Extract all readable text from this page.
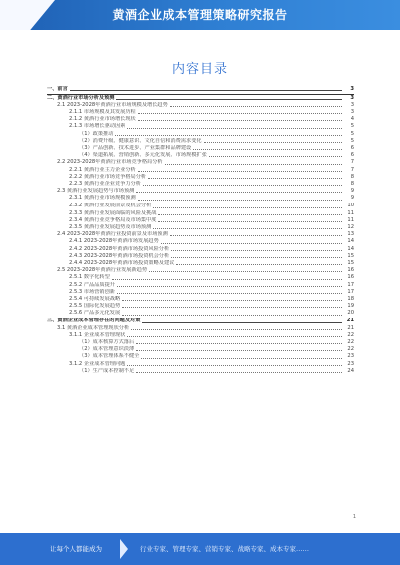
黄酒企业成本管理策略研究报告
内容目录
一、前言	3
二、黄酒行业市场分析及预测	3
2.1 2023-2028年黄酒行业市场规模及增长趋势	3
2.1.1 市场规模及其发展历程	3
2.1.2 黄酒行业市场增长现状	4
2.1.3 市场增长驱动因素	5
（1）政策推动	5
（2）消费升级、健康意识、文化自信和消费需求变化	5
（3）产品创新、技术进步、产业集群和品牌建设	6
（4）渠道拓展、营销创新、多元化发展、市场规模扩张	6
2.2 2023-2028年黄酒行业市场竞争格局分析	7
2.2.1 黄酒行业主力企业分析	7
2.2.2 黄酒行业市场竞争格局分析	8
2.2.3 黄酒行业企业竞争力分析	8
2.3 黄酒行业发展趋势与市场预测	9
2.3.1 黄酒行业市场规模预测	9
2.3.2 黄酒行业发展前景及机会分析	10
2.3.3 黄酒行业发展面临的风险及挑战	11
2.3.4 黄酒行业竞争格局及市场集中度	11
2.3.5 黄酒行业发展趋势及市场预测	12
2.4 2023-2028年黄酒行业投资前景及市场预测	13
2.4.1 2023-2028年黄酒市场发展趋势	14
2.4.2 2023-2028年黄酒市场投资风险分析	14
2.4.3 2023-2028年黄酒市场投资机会分析	15
2.4.4 2023-2028年黄酒市场投资策略及建议	15
2.5 2023-2028年黄酒行业发展新趋势	16
2.5.1 数字化转型	16
2.5.2 产品品质提升	17
2.5.3 市场营销创新	17
2.5.4 可持续发展战略	18
2.5.5 国际化发展趋势	19
2.5.6 产品多元化发展	20
三、黄酒企业成本管理存在的问题及对策	21
3.1 黄酒企业成本管理现状分析	21
3.1.1 企业成本管理现状	22
（1）成本核算方式落后	22
（2）成本管理意识淡薄	22
（3）成本管理体系不健全	23
3.1.2 企业成本管理问题	23
（1）生产成本控制不足	24
1
让每个人都能成为	行业专家、管理专家、营销专家、战略专家、成本专家……
